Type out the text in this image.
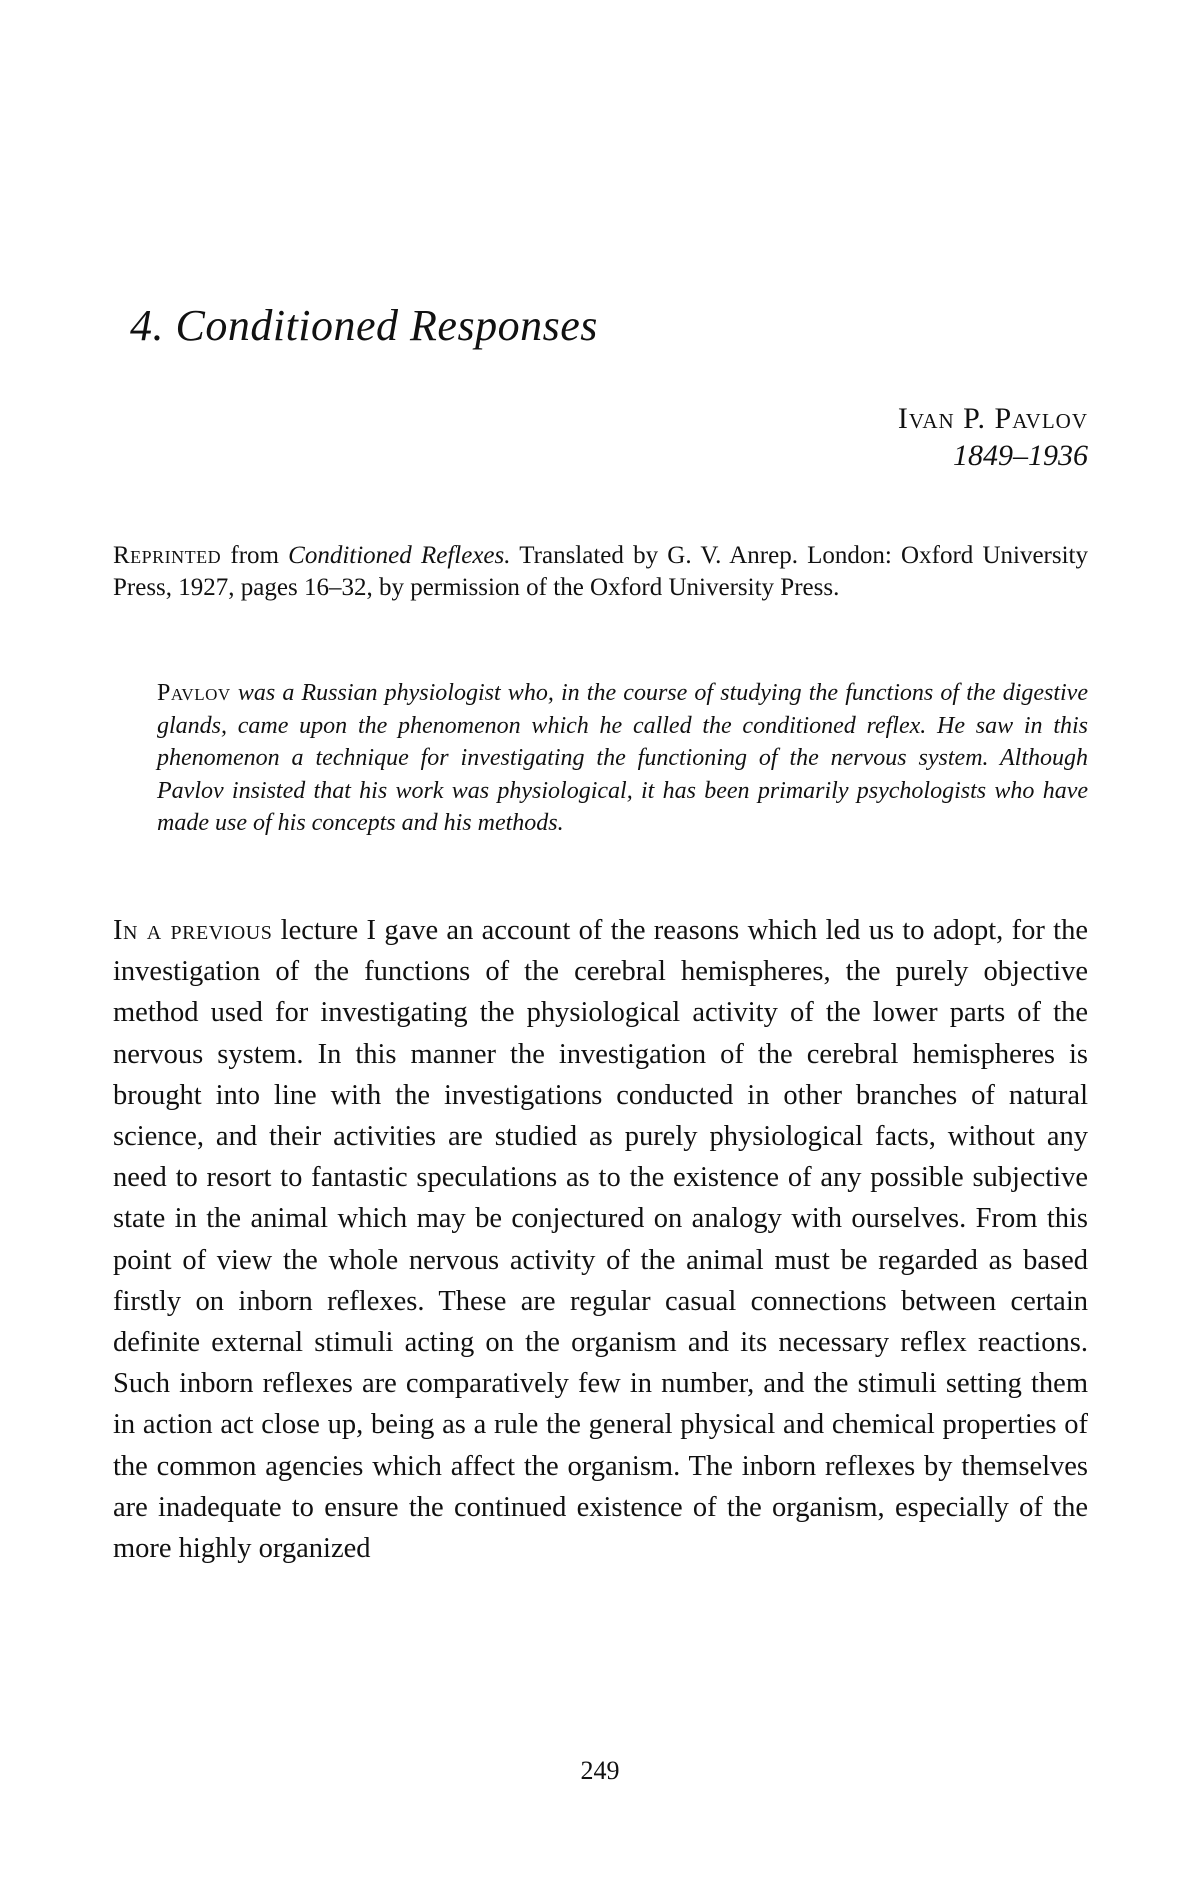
4. Conditioned Responses
Ivan P. Pavlov
1849–1936

Reprinted from Conditioned Reflexes. Translated by G. V. Anrep. London: Oxford University Press, 1927, pages 16–32, by permission of the Oxford University Press.

Pavlov was a Russian physiologist who, in the course of studying the functions of the digestive glands, came upon the phenomenon which he called the conditioned reflex. He saw in this phenomenon a technique for investigating the functioning of the nervous system. Although Pavlov insisted that his work was physiological, it has been primarily psychologists who have made use of his concepts and his methods.

In a previous lecture I gave an account of the reasons which led us to adopt, for the investigation of the functions of the cerebral hemispheres, the purely objective method used for investigating the physiological activity of the lower parts of the nervous system. In this manner the investigation of the cerebral hemispheres is brought into line with the investigations conducted in other branches of natural science, and their activities are studied as purely physiological facts, without any need to resort to fantastic speculations as to the existence of any possible subjective state in the animal which may be conjectured on analogy with ourselves. From this point of view the whole nervous activity of the animal must be regarded as based firstly on inborn reflexes. These are regular casual connections between certain definite external stimuli acting on the organism and its necessary reflex reactions. Such inborn reflexes are comparatively few in number, and the stimuli setting them in action act close up, being as a rule the general physical and chemical properties of the common agencies which affect the organism. The inborn reflexes by themselves are inadequate to ensure the continued existence of the organism, especially of the more highly organized

249
